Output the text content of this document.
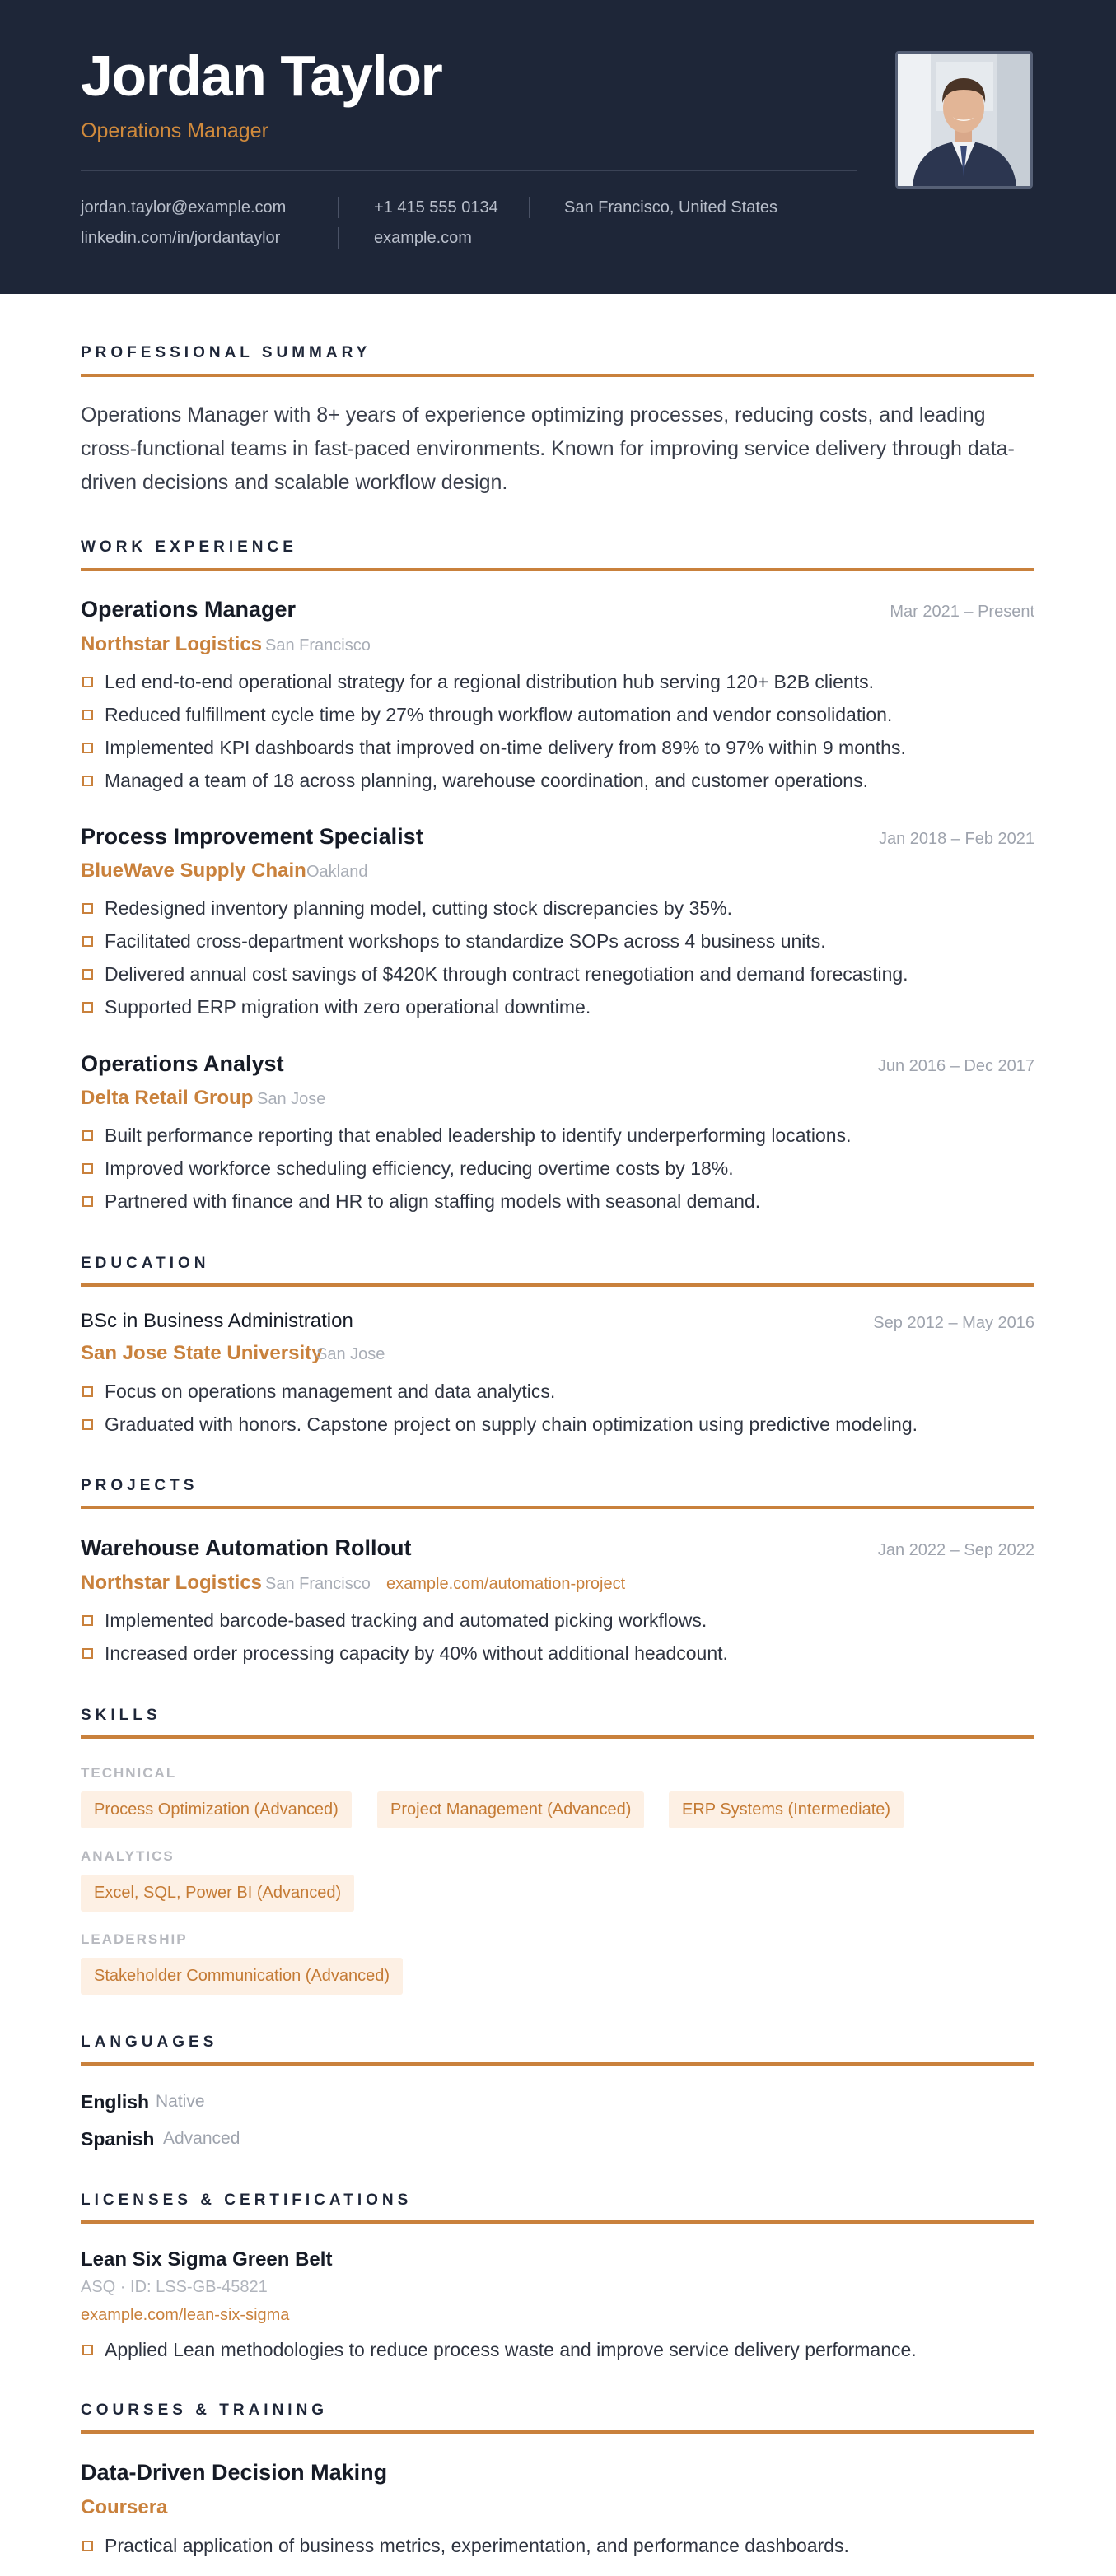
Jordan Taylor
Operations Manager
jordan.taylor@example.com	+1 415 555 0134	San Francisco, United States
linkedin.com/in/jordantaylor	example.com
PROFESSIONAL SUMMARY
Operations Manager with 8+ years of experience optimizing processes, reducing costs, and leading cross-functional teams in fast-paced environments. Known for improving service delivery through data-driven decisions and scalable workflow design.
WORK EXPERIENCE
Operations Manager	Mar 2021 – Present
Northstar Logistics San Francisco
Led end-to-end operational strategy for a regional distribution hub serving 120+ B2B clients.
Reduced fulfillment cycle time by 27% through workflow automation and vendor consolidation.
Implemented KPI dashboards that improved on-time delivery from 89% to 97% within 9 months.
Managed a team of 18 across planning, warehouse coordination, and customer operations.
Process Improvement Specialist	Jan 2018 – Feb 2021
BlueWave Supply Chain Oakland
Redesigned inventory planning model, cutting stock discrepancies by 35%.
Facilitated cross-department workshops to standardize SOPs across 4 business units.
Delivered annual cost savings of $420K through contract renegotiation and demand forecasting.
Supported ERP migration with zero operational downtime.
Operations Analyst	Jun 2016 – Dec 2017
Delta Retail Group San Jose
Built performance reporting that enabled leadership to identify underperforming locations.
Improved workforce scheduling efficiency, reducing overtime costs by 18%.
Partnered with finance and HR to align staffing models with seasonal demand.
EDUCATION
BSc in Business Administration	Sep 2012 – May 2016
San Jose State University
San Jose
Focus on operations management and data analytics.
Graduated with honors. Capstone project on supply chain optimization using predictive modeling.
PROJECTS
Warehouse Automation Rollout	Jan 2022 – Sep 2022
Northstar Logistics San Francisco example.com/automation-project
Implemented barcode-based tracking and automated picking workflows.
Increased order processing capacity by 40% without additional headcount.
SKILLS
TECHNICAL
Process Optimization (Advanced)	Project Management (Advanced)	ERP Systems (Intermediate)
ANALYTICS
Excel, SQL, Power BI (Advanced)
LEADERSHIP
Stakeholder Communication (Advanced)
LANGUAGES
English Native
Spanish Advanced
LICENSES & CERTIFICATIONS
Lean Six Sigma Green Belt
ASQ · ID: LSS-GB-45821
example.com/lean-six-sigma
Applied Lean methodologies to reduce process waste and improve service delivery performance.
COURSES & TRAINING
Data-Driven Decision Making
Coursera
Practical application of business metrics, experimentation, and performance dashboards.
